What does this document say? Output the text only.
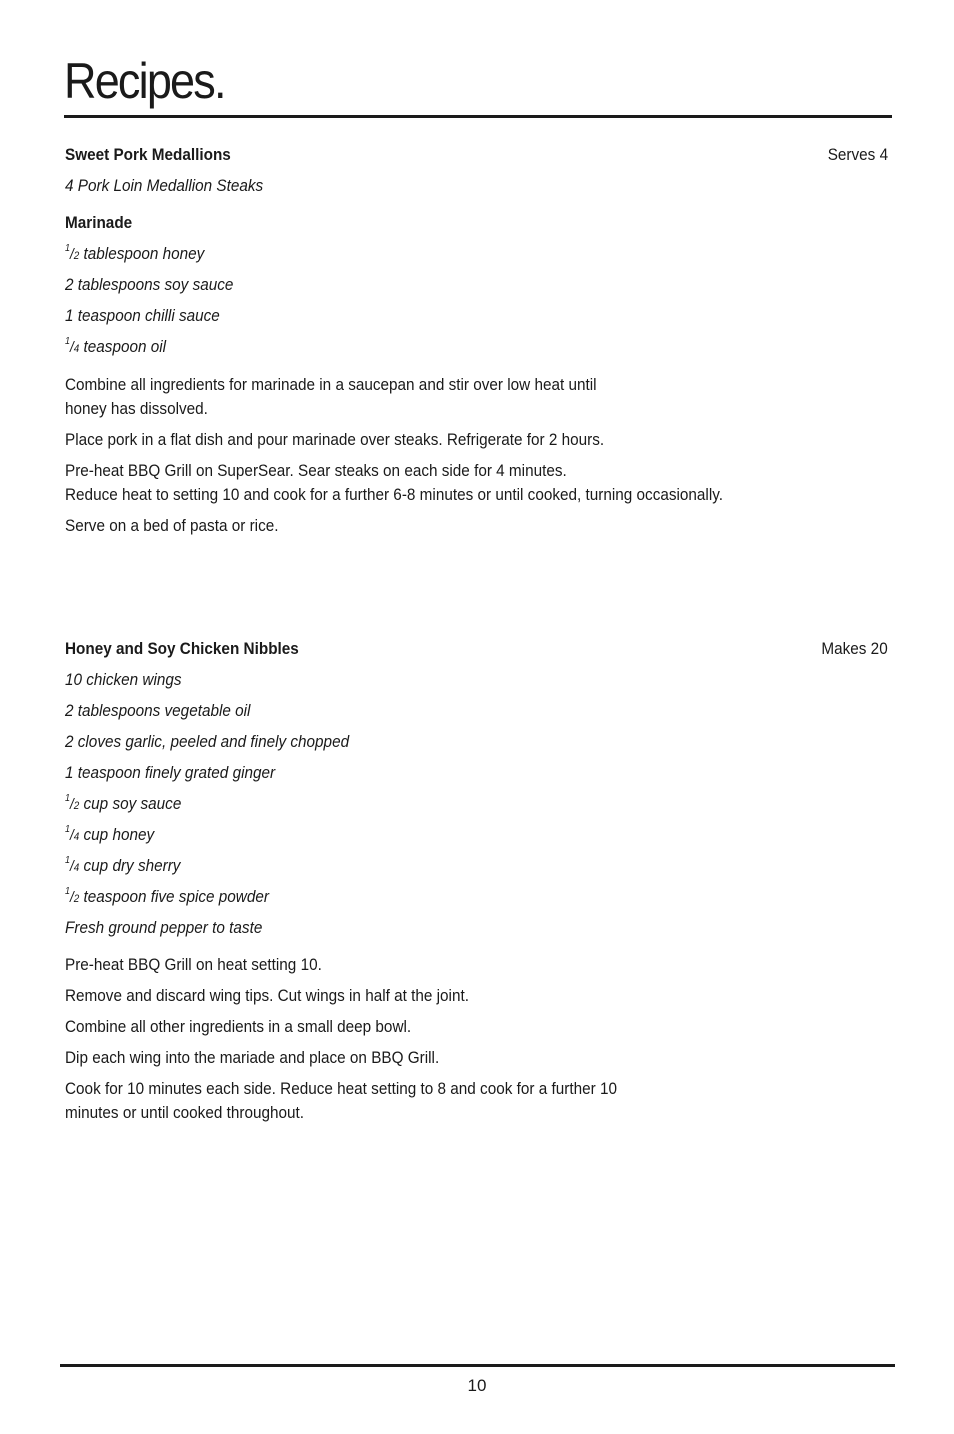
Recipes.
Sweet Pork Medallions	Serves 4
4 Pork Loin Medallion Steaks
Marinade
$^1$/2 tablespoon honey
2 tablespoons soy sauce
1 teaspoon chilli sauce
$^1$/4 teaspoon oil
Combine all ingredients for marinade in a saucepan and stir over low heat until
honey has dissolved.
Place pork in a flat dish and pour marinade over steaks. Refrigerate for 2 hours.
Pre-heat BBQ Grill on SuperSear. Sear steaks on each side for 4 minutes.
Reduce heat to setting 10 and cook for a further 6-8 minutes or until cooked, turning occasionally.
Serve on a bed of pasta or rice.
Honey and Soy Chicken Nibbles	Makes 20
10 chicken wings
2 tablespoons vegetable oil
2 cloves garlic, peeled and finely chopped
1 teaspoon finely grated ginger
$^1$/2 cup soy sauce
$^1$/4 cup honey
$^1$/4 cup dry sherry
$^1$/2 teaspoon five spice powder
Fresh ground pepper to taste
Pre-heat BBQ Grill on heat setting 10.
Remove and discard wing tips. Cut wings in half at the joint.
Combine all other ingredients in a small deep bowl.
Dip each wing into the mariade and place on BBQ Grill.
Cook for 10 minutes each side. Reduce heat setting to 8 and cook for a further 10
minutes or until cooked throughout.
10
